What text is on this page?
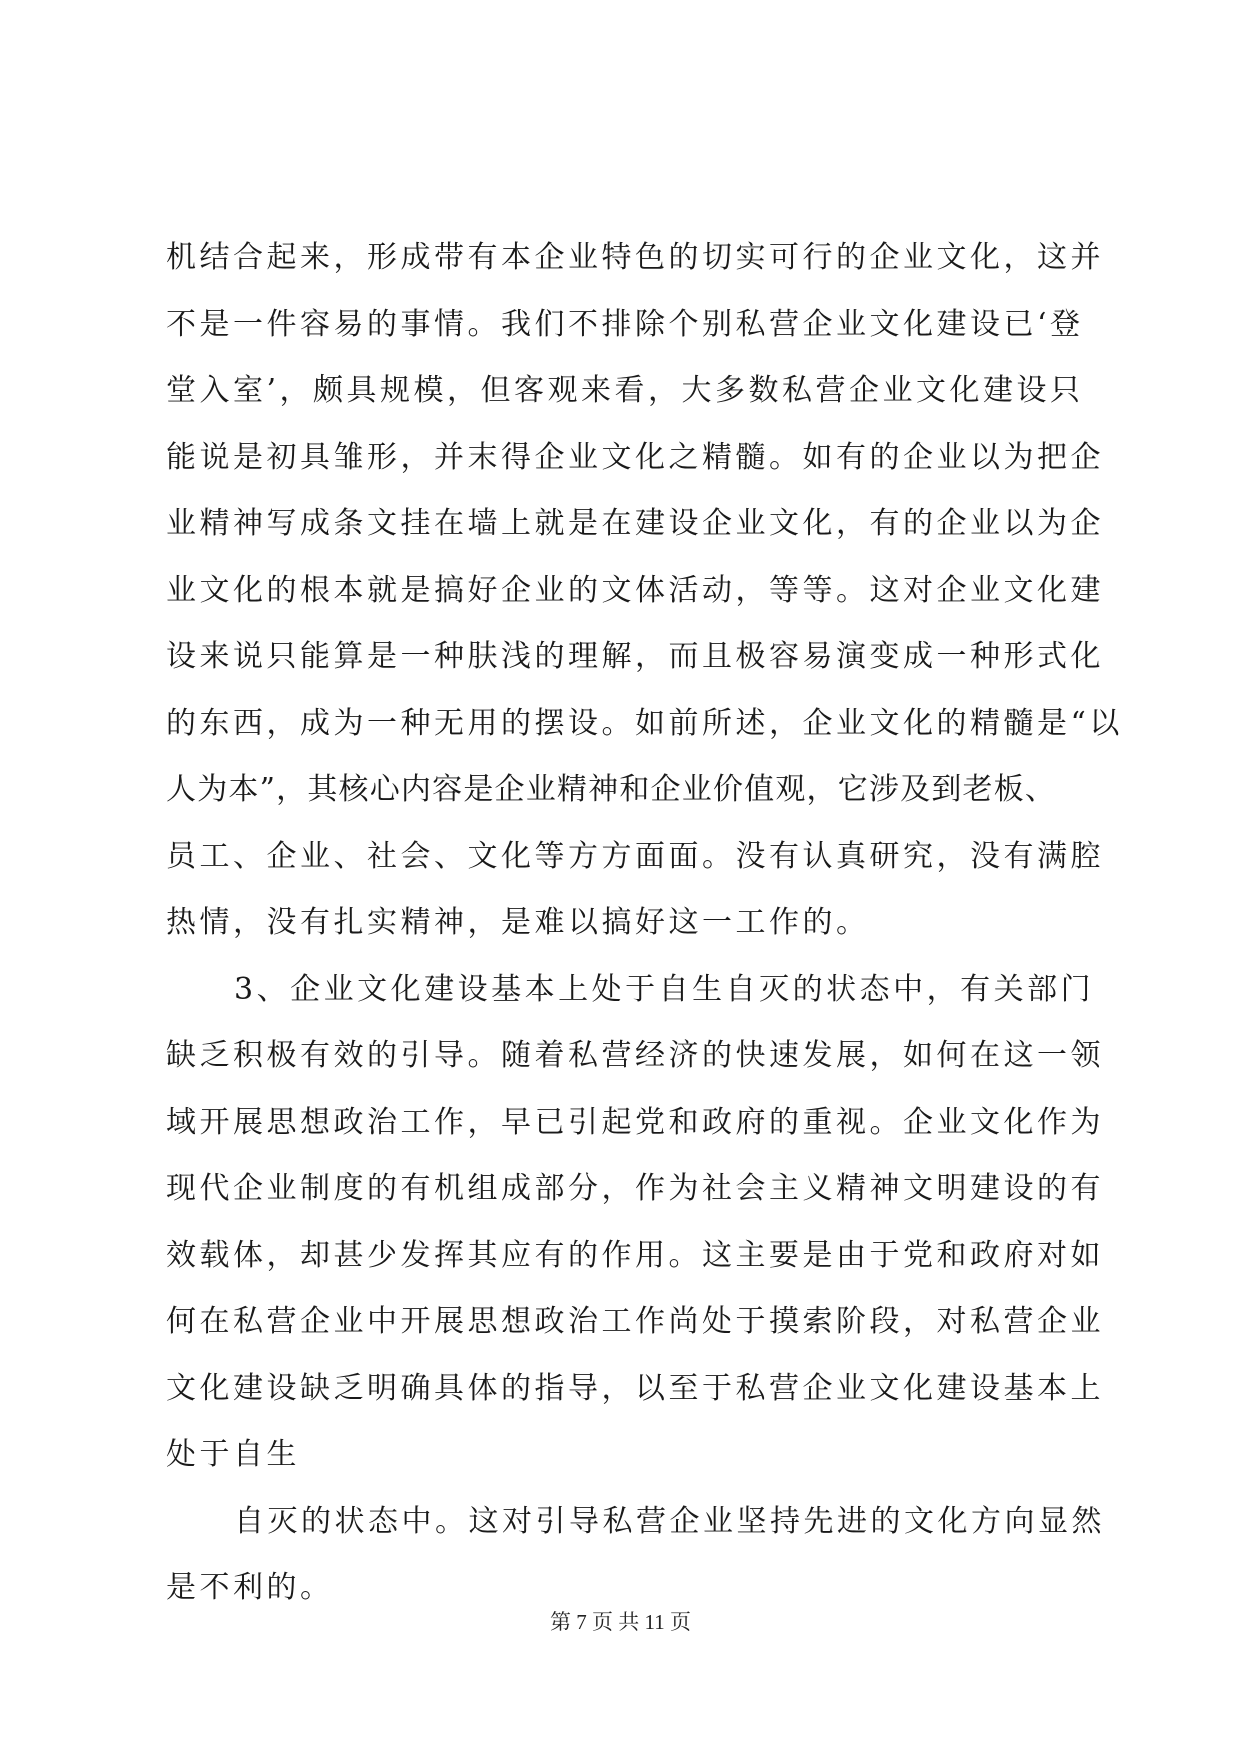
机结合起来，形成带有本企业特色的切实可行的企业文化，这并
不是一件容易的事情。我们不排除个别私营企业文化建设已‘登
堂入室’，颇具规模，但客观来看，大多数私营企业文化建设只
能说是初具雏形，并末得企业文化之精髓。如有的企业以为把企
业精神写成条文挂在墙上就是在建设企业文化，有的企业以为企
业文化的根本就是搞好企业的文体活动，等等。这对企业文化建
设来说只能算是一种肤浅的理解，而且极容易演变成一种形式化
的东西，成为一种无用的摆设。如前所述，企业文化的精髓是“以
人为本”，其核心内容是企业精神和企业价值观，它涉及到老板、
员工、企业、社会、文化等方方面面。没有认真研究，没有满腔
热情，没有扎实精神，是难以搞好这一工作的。
3、企业文化建设基本上处于自生自灭的状态中，有关部门
缺乏积极有效的引导。随着私营经济的快速发展，如何在这一领
域开展思想政治工作，早已引起党和政府的重视。企业文化作为
现代企业制度的有机组成部分，作为社会主义精神文明建设的有
效载体，却甚少发挥其应有的作用。这主要是由于党和政府对如
何在私营企业中开展思想政治工作尚处于摸索阶段，对私营企业
文化建设缺乏明确具体的指导，以至于私营企业文化建设基本上
处于自生
自灭的状态中。这对引导私营企业坚持先进的文化方向显然
是不利的。
第 7 页 共 11 页
